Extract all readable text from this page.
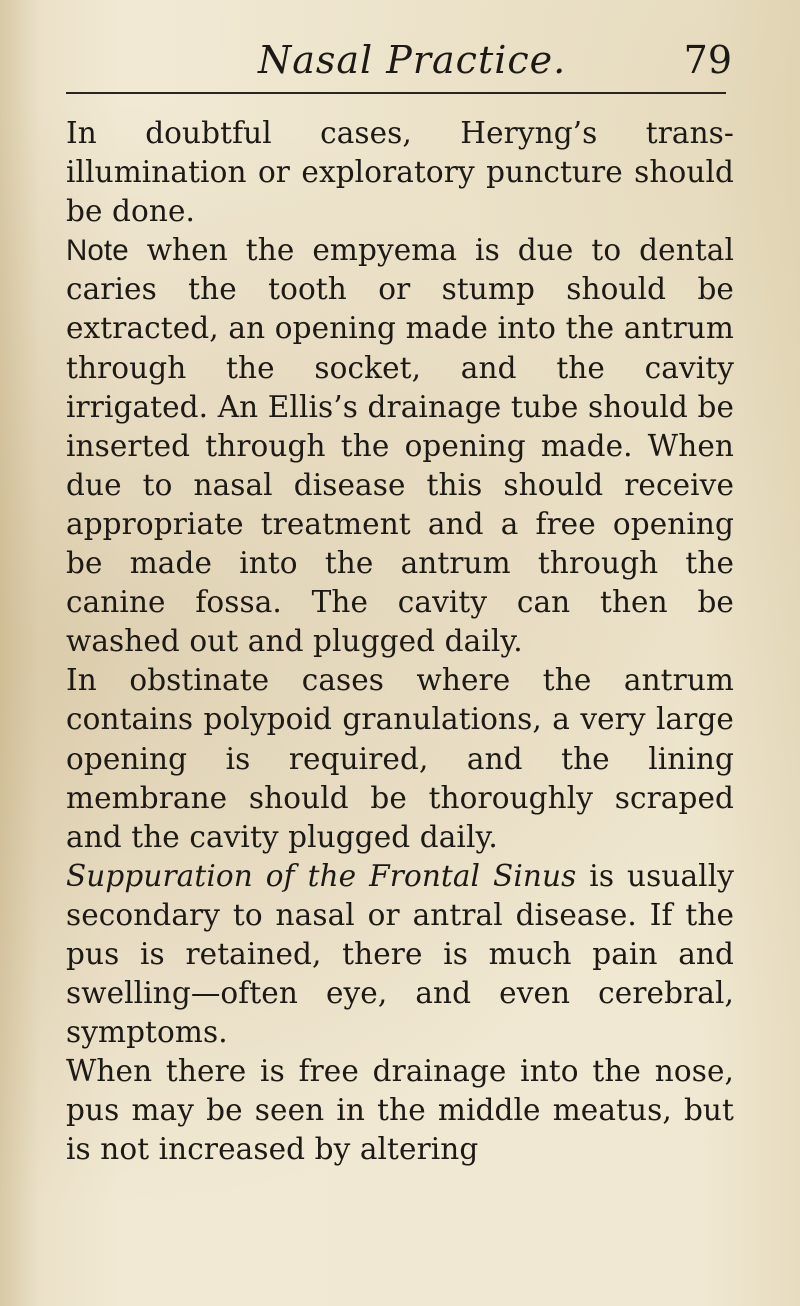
Nasal Practice.	79

In doubtful cases, Heryng’s trans-illumination or exploratory puncture should be done.

Note when the empyema is due to dental caries the tooth or stump should be extracted, an opening made into the antrum through the socket, and the cavity irrigated. An Ellis’s drainage tube should be inserted through the opening made. When due to nasal disease this should receive appropriate treatment and a free opening be made into the antrum through the canine fossa. The cavity can then be washed out and plugged daily.

In obstinate cases where the antrum contains polypoid granulations, a very large opening is required, and the lining membrane should be thoroughly scraped and the cavity plugged daily.

Suppuration of the Frontal Sinus is usually secondary to nasal or antral disease. If the pus is retained, there is much pain and swelling—often eye, and even cerebral, symptoms.

When there is free drainage into the nose, pus may be seen in the middle meatus, but is not increased by altering
